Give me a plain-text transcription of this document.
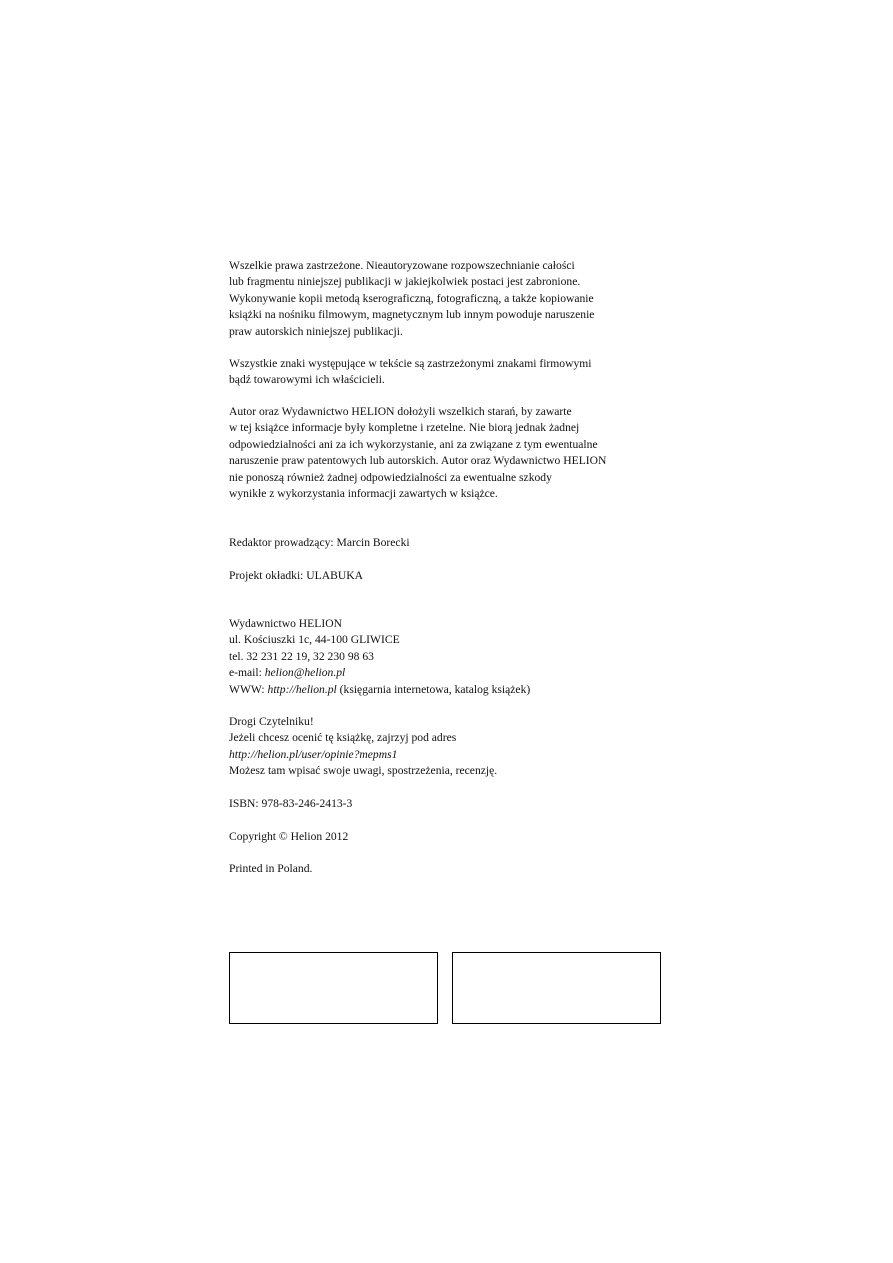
Wszelkie prawa zastrzeżone. Nieautoryzowane rozpowszechnianie całości
lub fragmentu niniejszej publikacji w jakiejkolwiek postaci jest zabronione.
Wykonywanie kopii metodą kserograficzną, fotograficzną, a także kopiowanie
książki na nośniku filmowym, magnetycznym lub innym powoduje naruszenie
praw autorskich niniejszej publikacji.
Wszystkie znaki występujące w tekście są zastrzeżonymi znakami firmowymi
bądź towarowymi ich właścicieli.
Autor oraz Wydawnictwo HELION dołożyli wszelkich starań, by zawarte
w tej książce informacje były kompletne i rzetelne. Nie biorą jednak żadnej
odpowiedzialności ani za ich wykorzystanie, ani za związane z tym ewentualne
naruszenie praw patentowych lub autorskich. Autor oraz Wydawnictwo HELION
nie ponoszą również żadnej odpowiedzialności za ewentualne szkody
wynikłe z wykorzystania informacji zawartych w książce.
Redaktor prowadzący: Marcin Borecki
Projekt okładki: ULABUKA
Wydawnictwo HELION
ul. Kościuszki 1c, 44-100 GLIWICE
tel. 32 231 22 19, 32 230 98 63
e-mail: helion@helion.pl
WWW: http://helion.pl (księgarnia internetowa, katalog książek)
Drogi Czytelniku!
Jeżeli chcesz ocenić tę książkę, zajrzyj pod adres
http://helion.pl/user/opinie?mepms1
Możesz tam wpisać swoje uwagi, spostrzeżenia, recenzję.
ISBN: 978-83-246-2413-3
Copyright © Helion 2012
Printed in Poland.
